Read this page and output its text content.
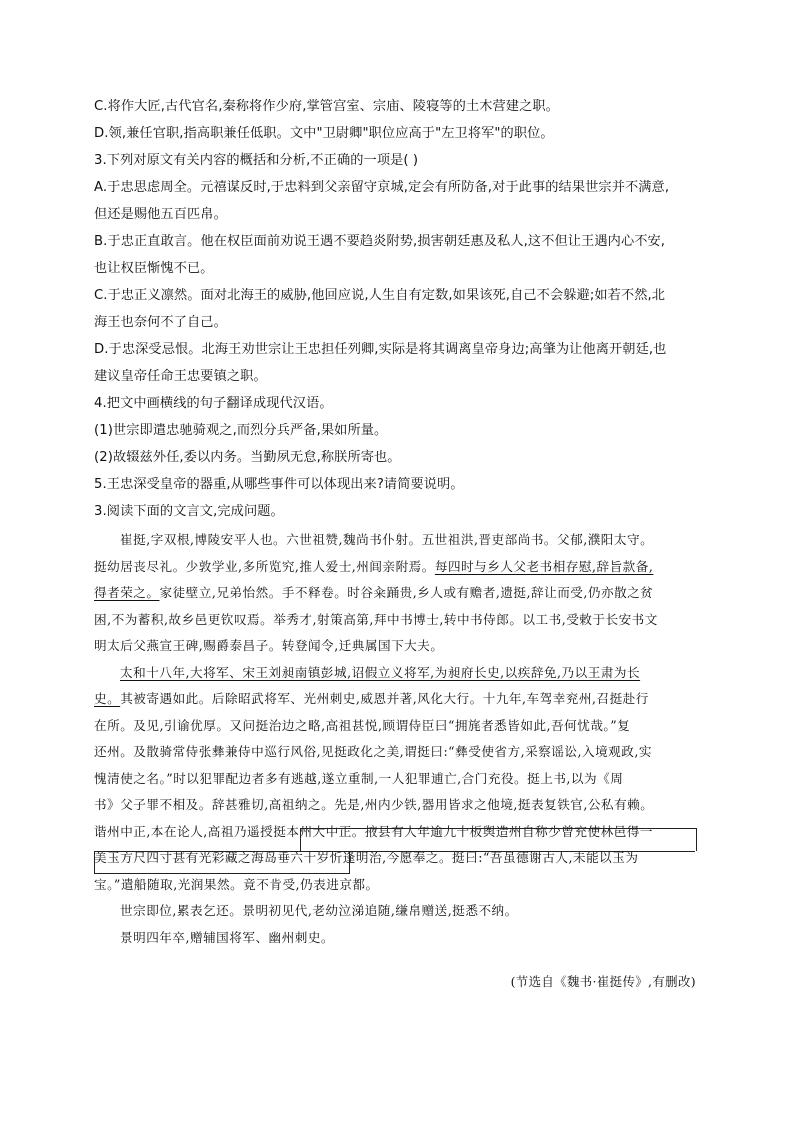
C.将作大匠,古代官名,秦称将作少府,掌管宫室、宗庙、陵寝等的土木营建之职。
D.领,兼任官职,指高职兼任低职。文中"卫尉卿"职位应高于"左卫将军"的职位。
3.下列对原文有关内容的概括和分析,不正确的一项是( )
A.于忠思虑周全。元禧谋反时,于忠料到父亲留守京城,定会有所防备,对于此事的结果世宗并不满意,
但还是赐他五百匹帛。
B.于忠正直敢言。他在权臣面前劝说王遇不要趋炎附势,损害朝廷惠及私人,这不但让王遇内心不安,
也让权臣惭愧不已。
C.于忠正义凛然。面对北海王的威胁,他回应说,人生自有定数,如果该死,自己不会躲避;如若不然,北
海王也奈何不了自己。
D.于忠深受忌恨。北海王劝世宗让王忠担任列卿,实际是将其调离皇帝身边;高肇为让他离开朝廷,也
建议皇帝任命王忠要镇之职。
4.把文中画横线的句子翻译成现代汉语。
(1)世宗即遣忠驰骑观之,而烈分兵严备,果如所量。
(2)故辍兹外任,委以内务。当勤夙无怠,称朕所寄也。
5.王忠深受皇帝的器重,从哪些事件可以体现出来?请简要说明。
3.阅读下面的文言文,完成问题。
崔挺,字双根,博陵安平人也。六世祖赞,魏尚书仆射。五世祖洪,晋吏部尚书。父郁,濮阳太守。
挺幼居丧尽礼。少敦学业,多所览究,推人爱士,州闾亲附焉。每四时与乡人父老书相存慰,辞旨款备,
得者荣之。家徒壁立,兄弟怡然。手不释卷。时谷籴踊贵,乡人或有赡者,遗挺,辞让而受,仍亦散之贫
困,不为蓄积,故乡邑更钦叹焉。举秀才,射策高第,拜中书博士,转中书侍郎。以工书,受敕于长安书文
明太后父燕宣王碑,赐爵泰昌子。转登闻令,迁典属国下大夫。
太和十八年,大将军、宋王刘昶南镇彭城,诏假立义将军,为昶府长史,以疾辞免,乃以王肃为长
史。其被寄遇如此。后除昭武将军、光州刺史,威恩并著,风化大行。十九年,车驾幸兖州,召挺赴行
在所。及见,引谕优厚。又问挺治边之略,高祖甚悦,顾谓侍臣曰“拥旄者悉皆如此,吾何忧哉。”复
还州。及散骑常侍张彝兼侍中巡行风俗,见挺政化之美,谓挺曰:“彝受使省方,采察谣讼,入境观政,实
愧清使之名。”时以犯罪配边者多有逃越,遂立重制,一人犯罪逋亡,合门充役。挺上书,以为《周
书》父子罪不相及。辞甚雅切,高祖纳之。先是,州内少铁,器用皆求之他境,挺表复铁官,公私有赖。
谐州中正,本在论人,高祖乃遥授挺本州大中正。掖县有人年逾九十板舆造州自称少曾充使林邑得一
美玉方尺四寸甚有光彩藏之海岛垂六十岁忻逢明治,今愿奉之。挺曰:“吾虽德谢古人,未能以玉为
宝。”遣船随取,光润果然。竟不肯受,仍表进京都。
世宗即位,累表乞还。景明初见代,老幼泣涕追随,缣帛赠送,挺悉不纳。
景明四年卒,赠辅国将军、幽州刺史。
(节选自《魏书·崔挺传》,有删改)
